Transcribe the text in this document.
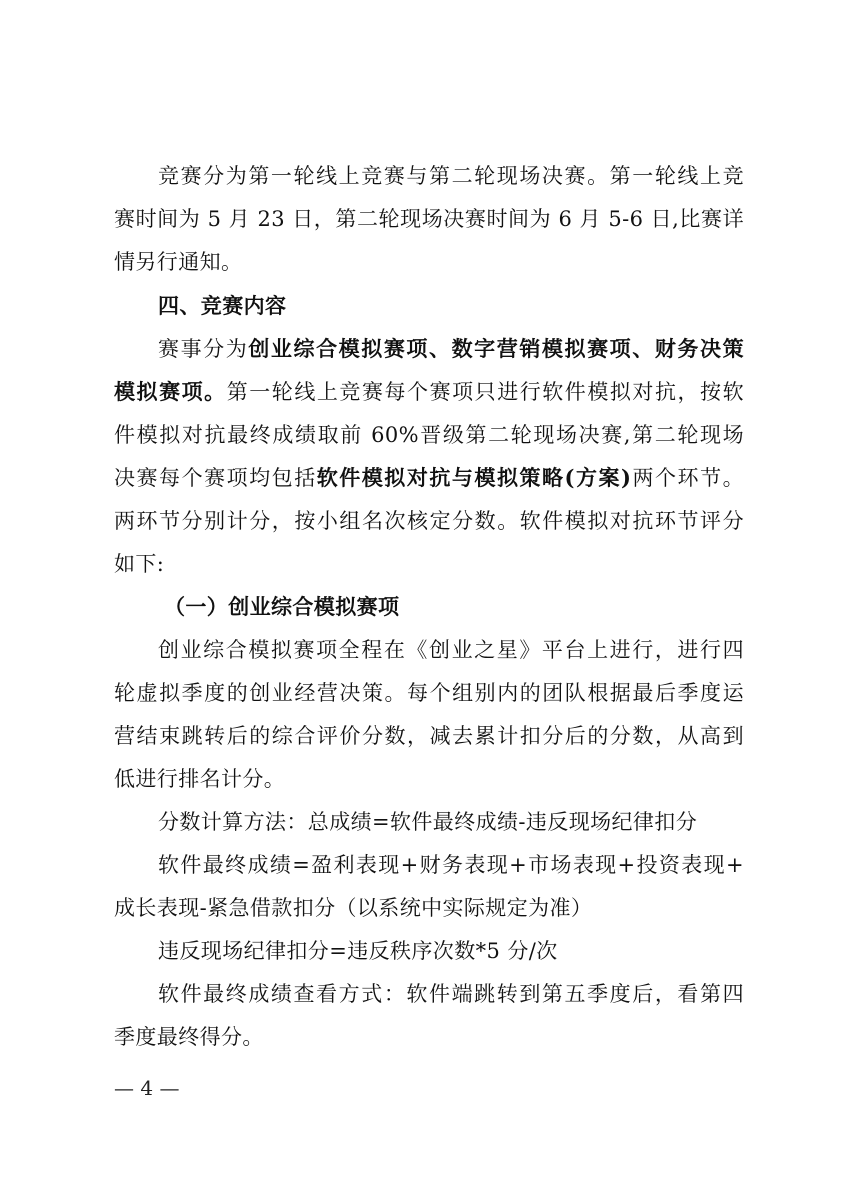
竞赛分为第一轮线上竞赛与第二轮现场决赛。第一轮线上竞
赛时间为 5 月 23 日，第二轮现场决赛时间为 6 月 5-6 日,比赛详
情另行通知。
四、竞赛内容
赛事分为创业综合模拟赛项、数字营销模拟赛项、财务决策
模拟赛项。第一轮线上竞赛每个赛项只进行软件模拟对抗，按软
件模拟对抗最终成绩取前 60%晋级第二轮现场决赛,第二轮现场
决赛每个赛项均包括软件模拟对抗与模拟策略(方案)两个环节。
两环节分别计分，按小组名次核定分数。软件模拟对抗环节评分
如下:
（一）创业综合模拟赛项
创业综合模拟赛项全程在《创业之星》平台上进行，进行四
轮虚拟季度的创业经营决策。每个组别内的团队根据最后季度运
营结束跳转后的综合评价分数，减去累计扣分后的分数，从高到
低进行排名计分。
分数计算方法：总成绩=软件最终成绩-违反现场纪律扣分
软件最终成绩=盈利表现+财务表现+市场表现+投资表现+
成长表现-紧急借款扣分（以系统中实际规定为准）
违反现场纪律扣分=违反秩序次数*5 分/次
软件最终成绩查看方式：软件端跳转到第五季度后，看第四
季度最终得分。
— 4 —
